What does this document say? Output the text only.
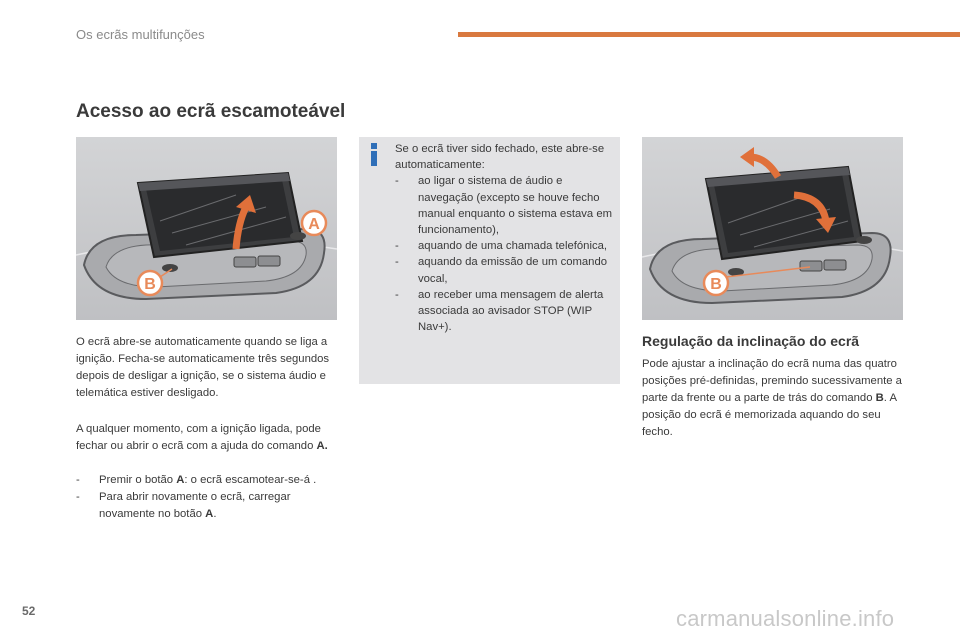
Os ecrãs multifunções
Acesso ao ecrã escamoteável
A
B

O ecrã abre-se automaticamente quando se liga a ignição. Fecha-se automaticamente três segundos depois de desligar a ignição, se o sistema áudio e telemática estiver desligado.

A qualquer momento, com a ignição ligada, pode fechar ou abrir o ecrã com a ajuda do comando A.

- Premir o botão A: o ecrã escamotear-se-á .
- Para abrir novamente o ecrã, carregar novamente no botão A.

Se o ecrã tiver sido fechado, este abre-se automaticamente:

- ao ligar o sistema de áudio e navegação (excepto se houve fecho manual enquanto o sistema estava em funcionamento),
- aquando de uma chamada telefónica,
- aquando da emissão de um comando vocal,
- ao receber uma mensagem de alerta associada ao avisador STOP (WIP Nav+).
B
Regulação da inclinação do ecrã

Pode ajustar a inclinação do ecrã numa das quatro posições pré-definidas, premindo sucessivamente a parte da frente ou a parte de trás do comando B. A posição do ecrã é memorizada aquando do seu fecho.

52	carmanualsonline.info
